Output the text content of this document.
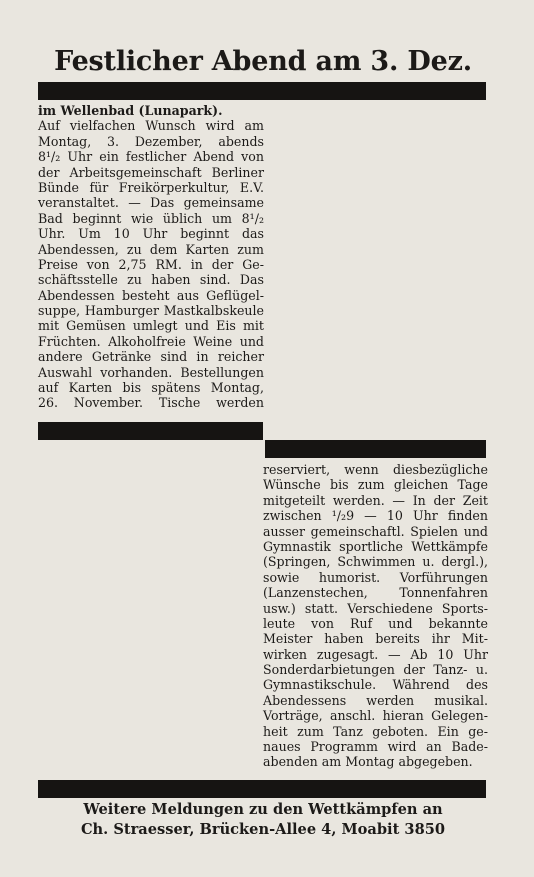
Festlicher Abend am 3. Dez.
im Wellenbad (Lunapark).
Auf vielfachen Wunsch wird am
Montag, 3. Dezember, abends
8¹/₂ Uhr ein festlicher Abend von
der Arbeitsgemeinschaft Berliner
Bünde für Freikörperkultur, E.V.
veranstaltet. — Das gemeinsame
Bad beginnt wie üblich um 8¹/₂
Uhr. Um 10 Uhr beginnt das
Abendessen, zu dem Karten zum
Preise von 2,75 RM. in der Ge-
schäftsstelle zu haben sind. Das
Abendessen besteht aus Geflügel-
suppe, Hamburger Mastkalbskeule
mit Gemüsen umlegt und Eis mit
Früchten. Alkoholfreie Weine und
andere Getränke sind in reicher
Auswahl vorhanden. Bestellungen
auf Karten bis spätens Montag,
26. November. Tische werden
reserviert, wenn diesbezügliche
Wünsche bis zum gleichen Tage
mitgeteilt werden. — In der Zeit
zwischen ¹/₂9 — 10 Uhr finden
ausser gemeinschaftl. Spielen und
Gymnastik sportliche Wettkämpfe
(Springen, Schwimmen u. dergl.),
sowie humorist. Vorführungen
(Lanzenstechen, Tonnenfahren
usw.) statt. Verschiedene Sports-
leute von Ruf und bekannte
Meister haben bereits ihr Mit-
wirken zugesagt. — Ab 10 Uhr
Sonderdarbietungen der Tanz- u.
Gymnastikschule. Während des
Abendessens werden musikal.
Vorträge, anschl. hieran Gelegen-
heit zum Tanz geboten. Ein ge-
naues Programm wird an Bade-
abenden am Montag abgegeben.
Weitere Meldungen zu den Wettkämpfen an
Ch. Straesser, Brücken-Allee 4, Moabit 3850
